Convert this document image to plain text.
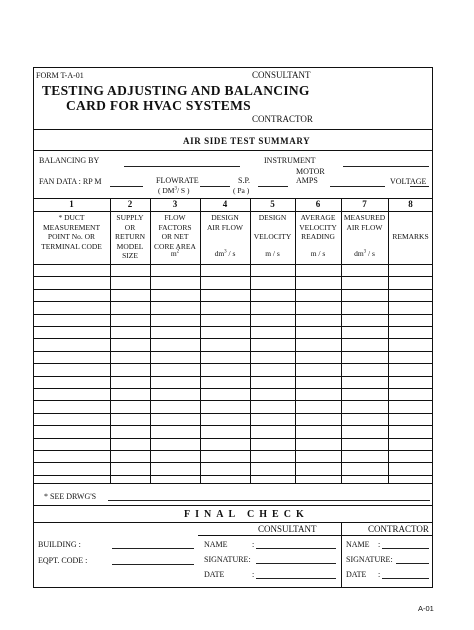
FORM T-A-01	CONSULTANT
TESTING ADJUSTING AND BALANCING
CARD FOR HVAC SYSTEMS
CONTRACTOR
AIR SIDE TEST SUMMARY
BALANCING BY	INSTRUMENT
MOTOR
FAN DATA : RP M	FLOWRATE
( $DM^3/$ S )
S.P.
( Pa )
AMPS	VOLTAGE
1
* DUCT
MEASUREMENT
POINT No. OR
TERMINAL CODE
2
SUPPLY
OR
RETURN
MODEL
SIZE
3
FLOW
FACTORS
OR NET
CORE AREA
$m^2$
4
DESIGN
AIR FLOW
$dm^3$ / s
5
DESIGN
VELOCITY
m / s
6
AVERAGE
VELOCITY
READING
m / s
7
MEASURED
AIR FLOW
$dm^3$ / s
8
REMARKS
* SEE DRWG'S
FINAL CHECK
CONSULTANT	CONTRACTOR
BUILDING :
EQPT. CODE :
NAME	:
SIGNATURE:
DATE	:
NAME :
SIGNATURE:
DATE :
A-01
